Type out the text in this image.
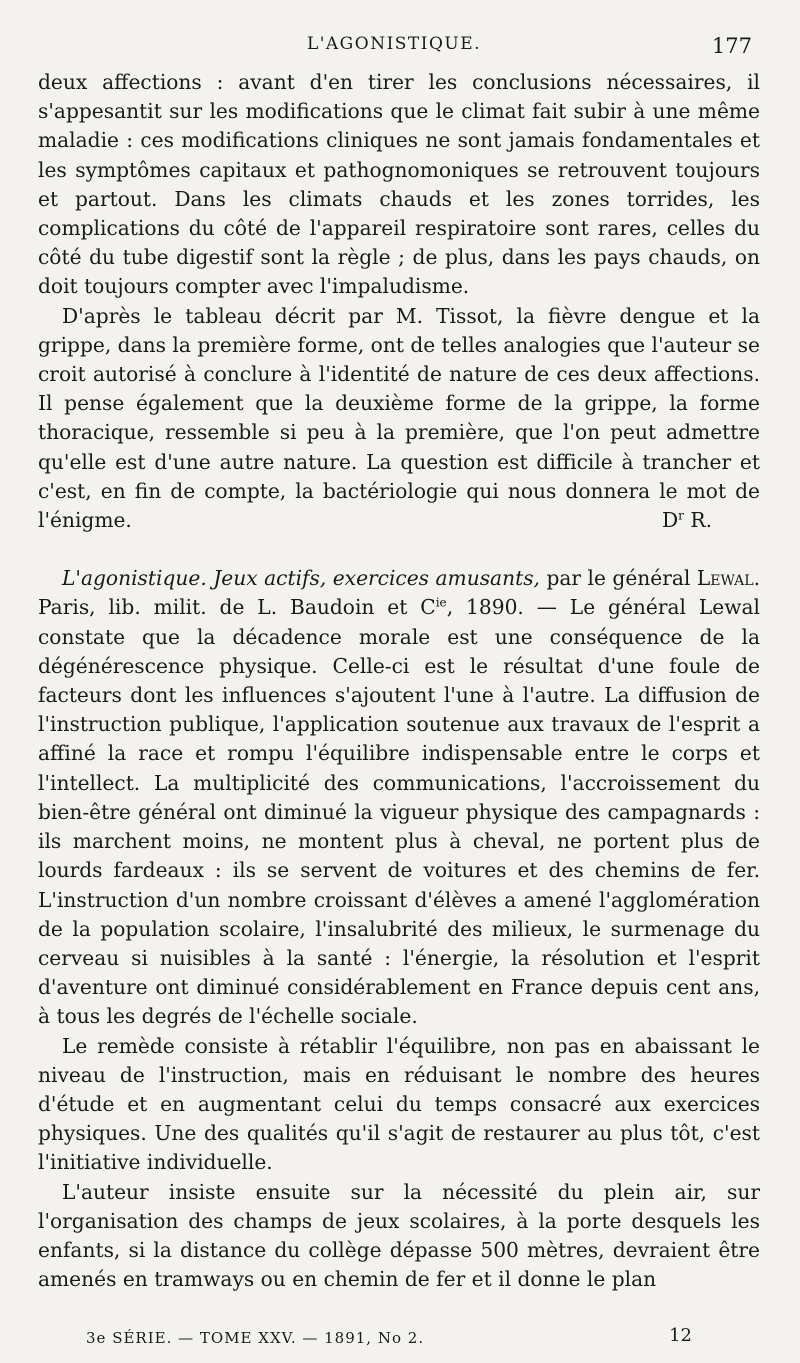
L'AGONISTIQUE.	177

deux affections : avant d'en tirer les conclusions nécessaires, il s'appesantit sur les modifications que le climat fait subir à une même maladie : ces modifications cliniques ne sont jamais fondamentales et les symptômes capitaux et pathognomoniques se retrouvent toujours et partout. Dans les climats chauds et les zones torrides, les complications du côté de l'appareil respiratoire sont rares, celles du côté du tube digestif sont la règle ; de plus, dans les pays chauds, on doit toujours compter avec l'impaludisme.

D'après le tableau décrit par M. Tissot, la fièvre dengue et la grippe, dans la première forme, ont de telles analogies que l'auteur se croit autorisé à conclure à l'identité de nature de ces deux affections. Il pense également que la deuxième forme de la grippe, la forme thoracique, ressemble si peu à la première, que l'on peut admettre qu'elle est d'une autre nature. La question est difficile à trancher et c'est, en fin de compte, la bactériologie qui nous donnera le mot de l'énigme.	$D^r$ R.

L'agonistique. Jeux actifs, exercices amusants, par le général Lewal. Paris, lib. milit. de L. Baudoin et $C^{ie}$, 1890. — Le général Lewal constate que la décadence morale est une conséquence de la dégénérescence physique. Celle-ci est le résultat d'une foule de facteurs dont les influences s'ajoutent l'une à l'autre. La diffusion de l'instruction publique, l'application soutenue aux travaux de l'esprit a affiné la race et rompu l'équilibre indispensable entre le corps et l'intellect. La multiplicité des communications, l'accroissement du bien-être général ont diminué la vigueur physique des campagnards : ils marchent moins, ne montent plus à cheval, ne portent plus de lourds fardeaux : ils se servent de voitures et des chemins de fer. L'instruction d'un nombre croissant d'élèves a amené l'agglomération de la population scolaire, l'insalubrité des milieux, le surmenage du cerveau si nuisibles à la santé : l'énergie, la résolution et l'esprit d'aventure ont diminué considérablement en France depuis cent ans, à tous les degrés de l'échelle sociale.

Le remède consiste à rétablir l'équilibre, non pas en abaissant le niveau de l'instruction, mais en réduisant le nombre des heures d'étude et en augmentant celui du temps consacré aux exercices physiques. Une des qualités qu'il s'agit de restaurer au plus tôt, c'est l'initiative individuelle.

L'auteur insiste ensuite sur la nécessité du plein air, sur l'organisation des champs de jeux scolaires, à la porte desquels les enfants, si la distance du collège dépasse 500 mètres, devraient être amenés en tramways ou en chemin de fer et il donne le plan

3e SÉRIE. — TOME XXV. — 1891, No 2.	12
